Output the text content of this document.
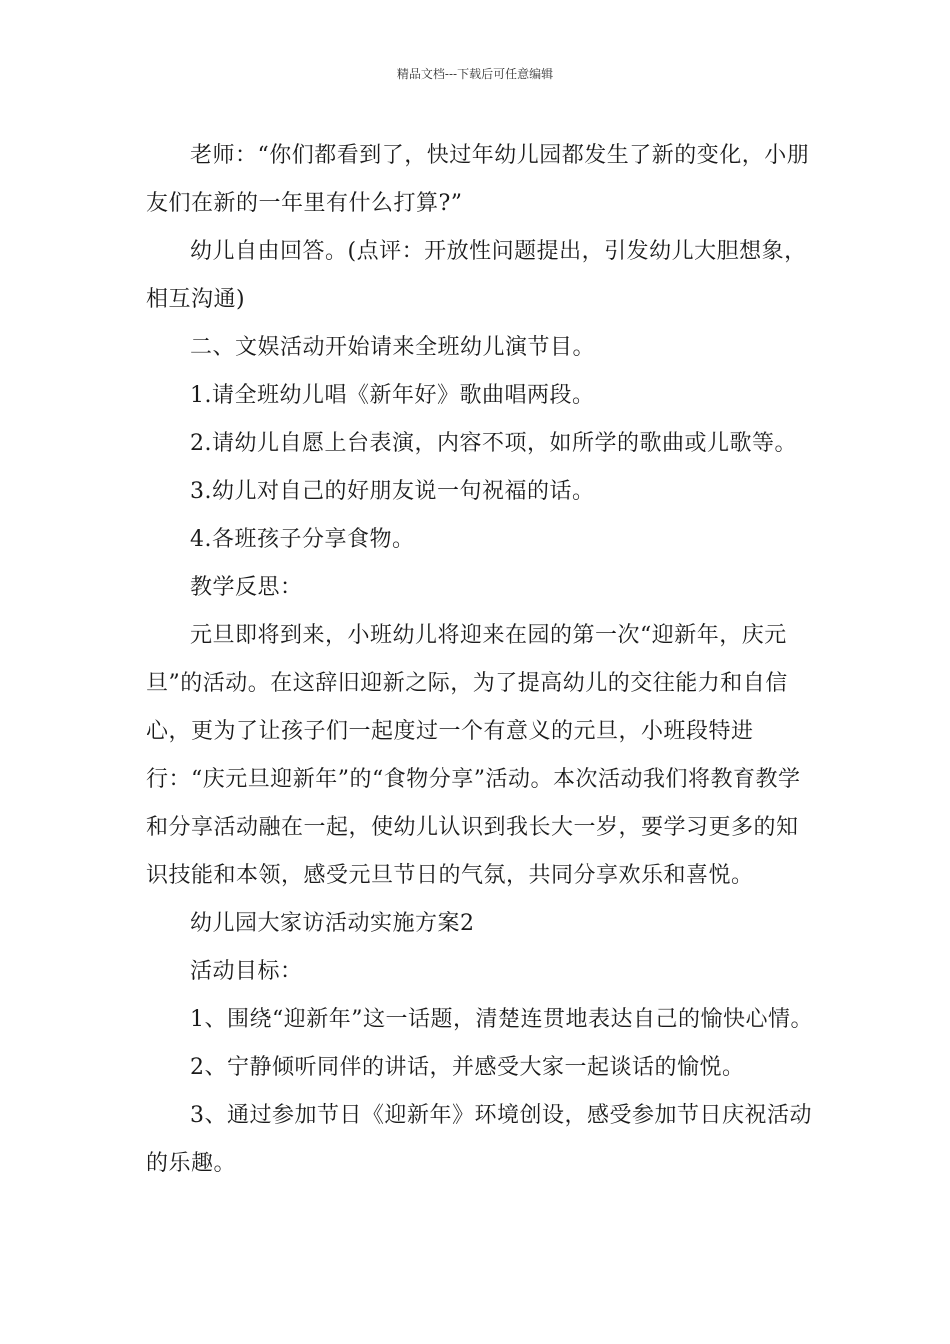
精品文档---下载后可任意编辑

老师：“你们都看到了，快过年幼儿园都发生了新的变化，小朋友们在新的一年里有什么打算?”

幼儿自由回答。(点评：开放性问题提出，引发幼儿大胆想象，相互沟通)

二、文娱活动开始请来全班幼儿演节目。

1.请全班幼儿唱《新年好》歌曲唱两段。

2.请幼儿自愿上台表演，内容不项，如所学的歌曲或儿歌等。

3.幼儿对自己的好朋友说一句祝福的话。

4.各班孩子分享食物。

教学反思：

元旦即将到来，小班幼儿将迎来在园的第一次“迎新年，庆元旦”的活动。在这辞旧迎新之际，为了提高幼儿的交往能力和自信心，更为了让孩子们一起度过一个有意义的元旦，小班段特进行：“庆元旦迎新年”的“食物分享”活动。本次活动我们将教育教学和分享活动融在一起，使幼儿认识到我长大一岁，要学习更多的知识技能和本领，感受元旦节日的气氛，共同分享欢乐和喜悦。

幼儿园大家访活动实施方案2

活动目标：

1、围绕“迎新年”这一话题，清楚连贯地表达自己的愉快心情。

2、宁静倾听同伴的讲话，并感受大家一起谈话的愉悦。

3、通过参加节日《迎新年》环境创设，感受参加节日庆祝活动的乐趣。
